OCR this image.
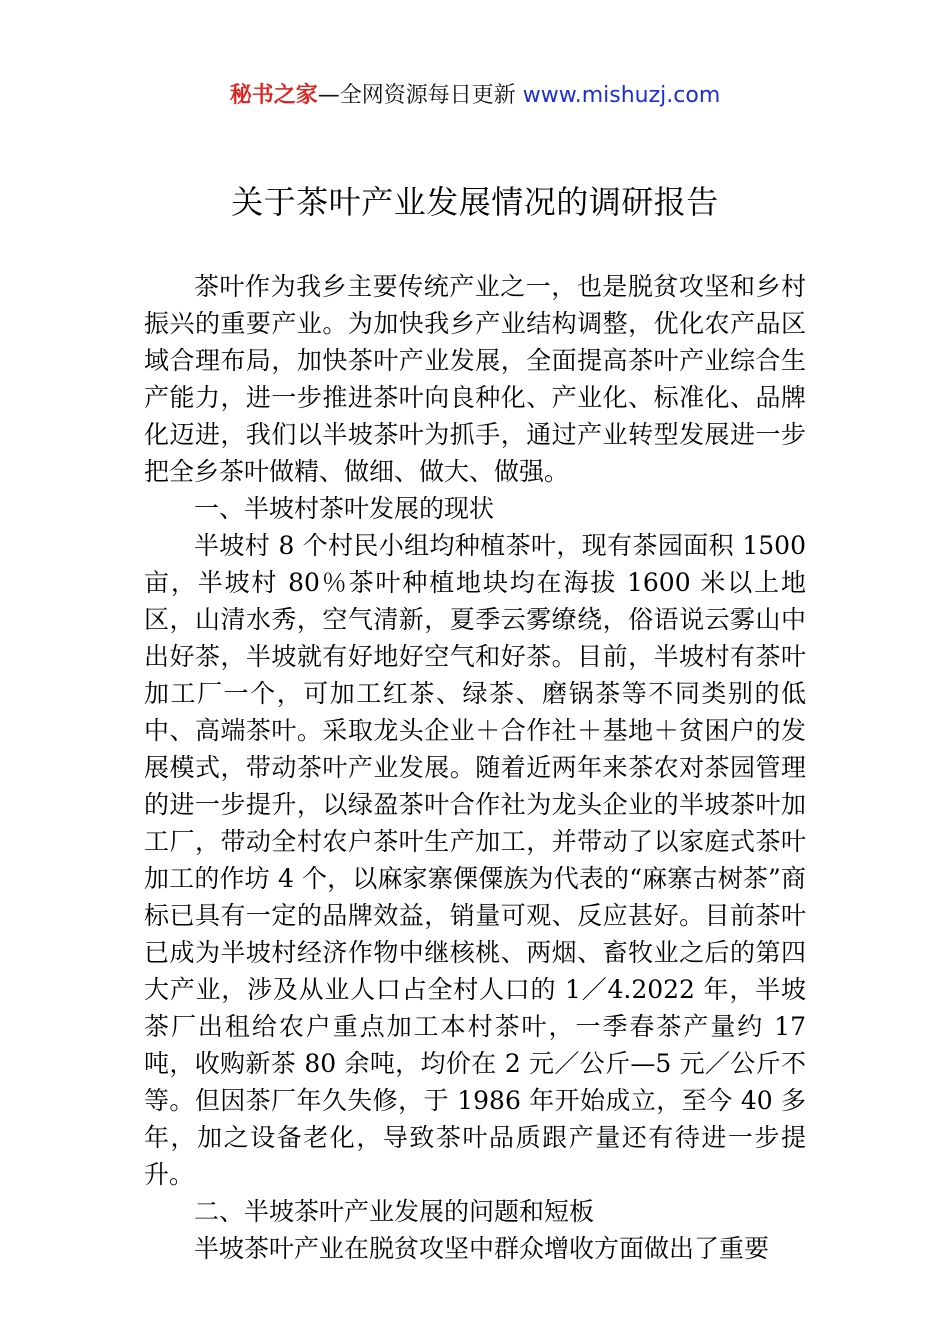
秘书之家—全网资源每日更新 www.mishuzj.com
关于茶叶产业发展情况的调研报告

茶叶作为我乡主要传统产业之一，也是脱贫攻坚和乡村振兴的重要产业。为加快我乡产业结构调整，优化农产品区域合理布局，加快茶叶产业发展，全面提高茶叶产业综合生产能力，进一步推进茶叶向良种化、产业化、标准化、品牌化迈进，我们以半坡茶叶为抓手，通过产业转型发展进一步把全乡茶叶做精、做细、做大、做强。

一、半坡村茶叶发展的现状

半坡村 8 个村民小组均种植茶叶，现有茶园面积 1500 亩，半坡村 80％茶叶种植地块均在海拔 1600 米以上地区，山清水秀，空气清新，夏季云雾缭绕，俗语说云雾山中出好茶，半坡就有好地好空气和好茶。目前，半坡村有茶叶加工厂一个，可加工红茶、绿茶、磨锅茶等不同类别的低中、高端茶叶。采取龙头企业＋合作社＋基地＋贫困户的发展模式，带动茶叶产业发展。随着近两年来茶农对茶园管理的进一步提升，以绿盈茶叶合作社为龙头企业的半坡茶叶加工厂，带动全村农户茶叶生产加工，并带动了以家庭式茶叶加工的作坊 4 个，以麻家寨傈僳族为代表的“麻寨古树茶”商标已具有一定的品牌效益，销量可观、反应甚好。目前茶叶已成为半坡村经济作物中继核桃、两烟、畜牧业之后的第四大产业，涉及从业人口占全村人口的 1／4.2022 年，半坡茶厂出租给农户重点加工本村茶叶，一季春茶产量约 17 吨，收购新茶 80 余吨，均价在 2 元／公斤—5 元／公斤不等。但因茶厂年久失修，于 1986 年开始成立，至今 40 多年，加之设备老化，导致茶叶品质跟产量还有待进一步提升。

二、半坡茶叶产业发展的问题和短板

半坡茶叶产业在脱贫攻坚中群众增收方面做出了重要
